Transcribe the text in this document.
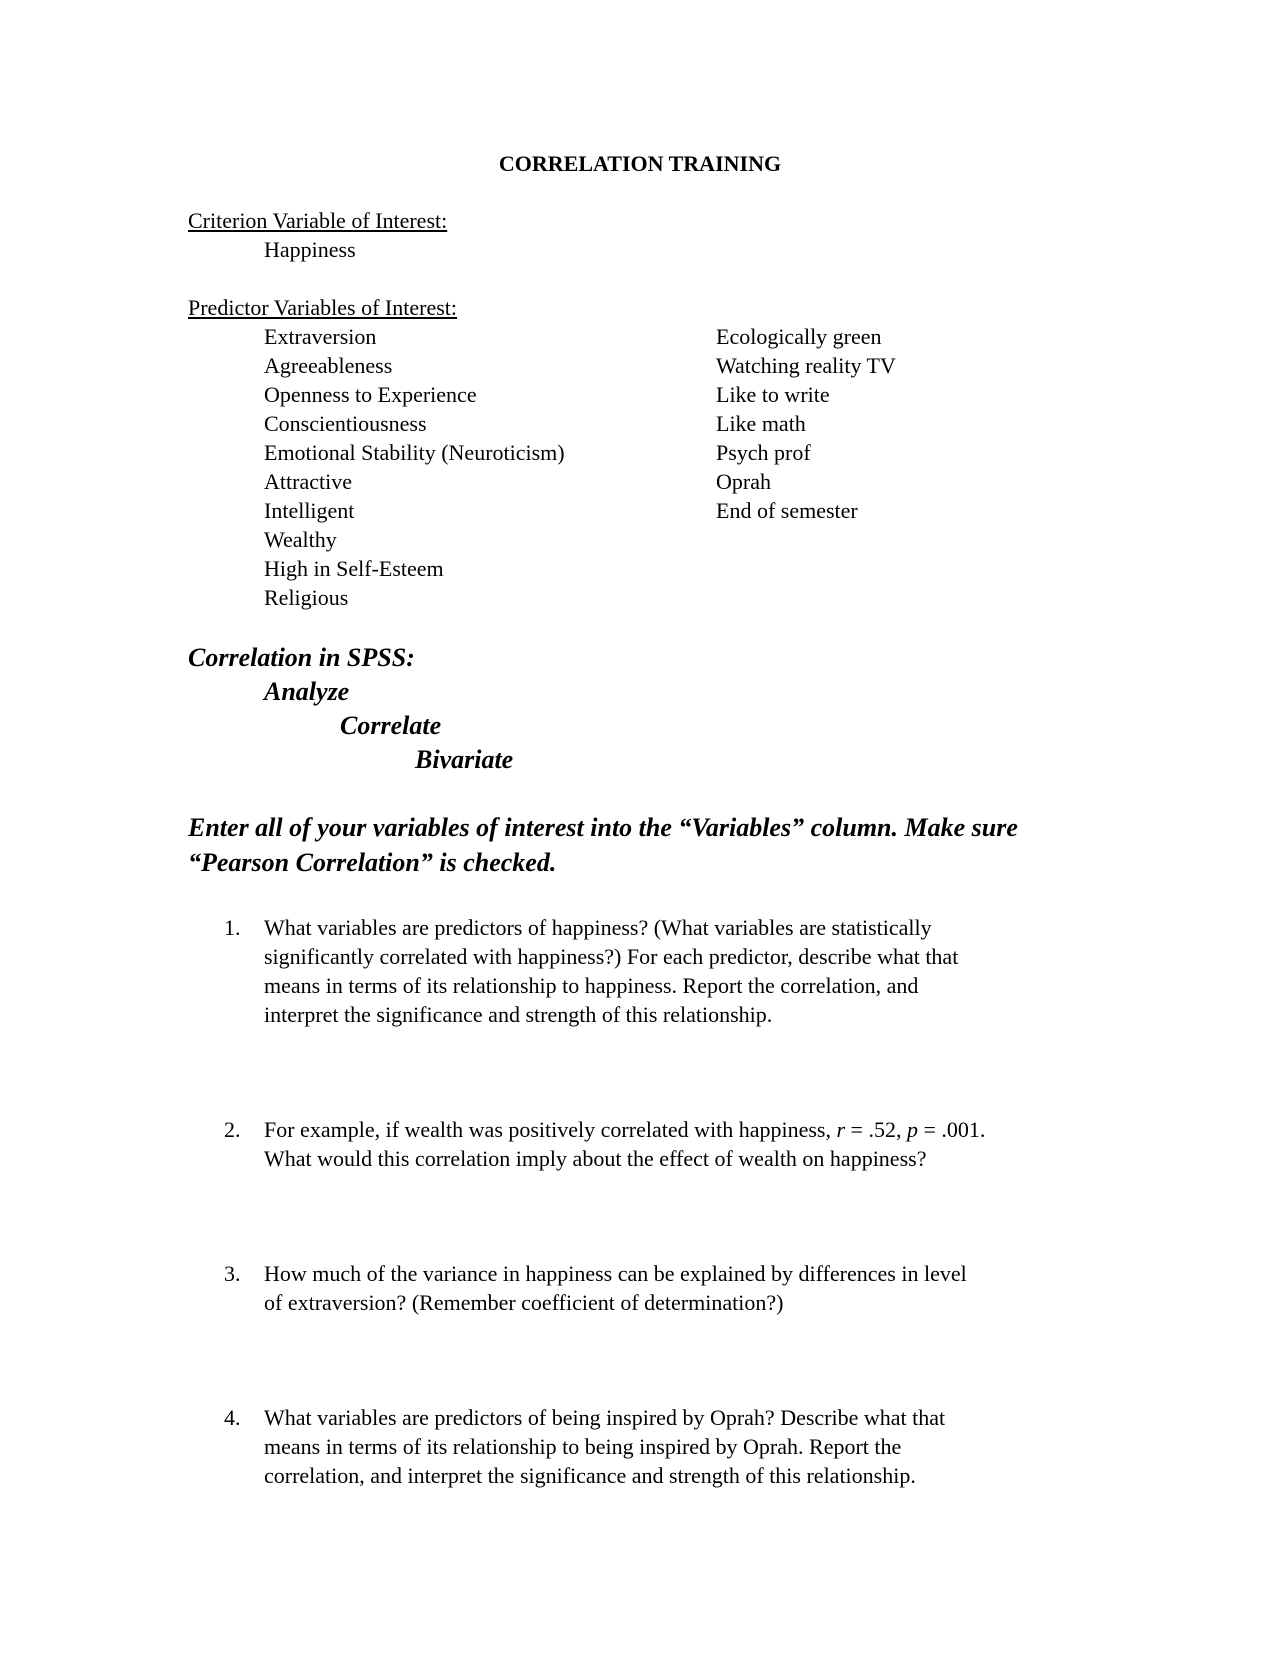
CORRELATION TRAINING
Criterion Variable of Interest:
Happiness
Predictor Variables of Interest:
Extraversion
Agreeableness
Openness to Experience
Conscientiousness
Emotional Stability (Neuroticism)
Attractive
Intelligent
Wealthy
High in Self-Esteem
Religious
Ecologically green
Watching reality TV
Like to write
Like math
Psych prof
Oprah
End of semester
Correlation in SPSS:
Analyze
Correlate
Bivariate
Enter all of your variables of interest into the “Variables” column. Make sure “Pearson Correlation” is checked.
1. What variables are predictors of happiness? (What variables are statistically
significantly correlated with happiness?) For each predictor, describe what that
means in terms of its relationship to happiness. Report the correlation, and
interpret the significance and strength of this relationship.
2. For example, if wealth was positively correlated with happiness, r = .52, p = .001.
What would this correlation imply about the effect of wealth on happiness?
3. How much of the variance in happiness can be explained by differences in level
of extraversion? (Remember coefficient of determination?)
4. What variables are predictors of being inspired by Oprah? Describe what that
means in terms of its relationship to being inspired by Oprah. Report the
correlation, and interpret the significance and strength of this relationship.
